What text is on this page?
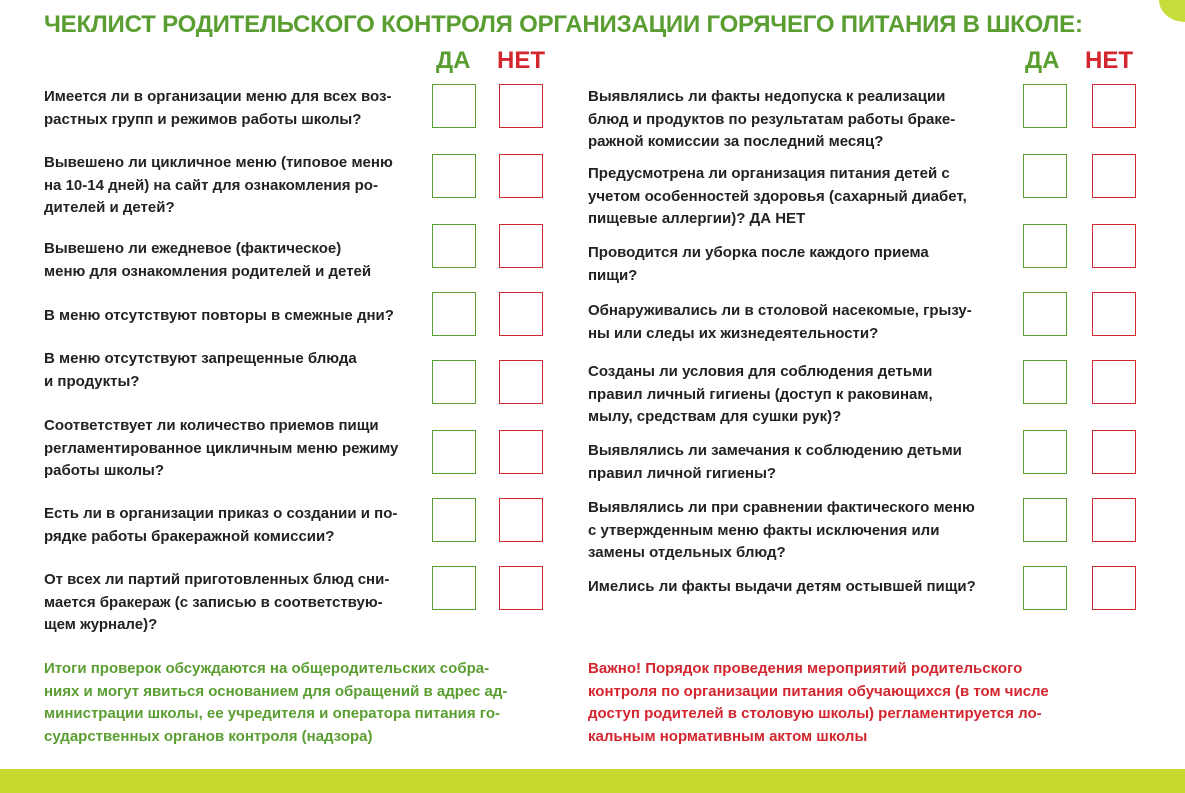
ЧЕКЛИСТ РОДИТЕЛЬСКОГО КОНТРОЛЯ ОРГАНИЗАЦИИ ГОРЯЧЕГО ПИТАНИЯ В ШКОЛЕ:
ДА НЕТ	ДА НЕТ
Имеется ли в организации меню для всех воз-
растных групп и режимов работы школы?
Вывешено ли цикличное меню (типовое меню
на 10-14 дней) на сайт для ознакомления ро-
дителей и детей?
Вывешено ли ежедневое (фактическое)
меню для ознакомления родителей и детей
В меню отсутствуют повторы в смежные дни?
В меню отсутствуют запрещенные блюда
и продукты?
Соответствует ли количество приемов пищи
регламентированное цикличным меню режиму
работы школы?
Есть ли в организации приказ о создании и по-
рядке работы бракеражной комиссии?
От всех ли партий приготовленных блюд сни-
мается бракераж (с записью в соответствую-
щем журнале)?
Выявлялись ли факты недопуска к реализации
блюд и продуктов по результатам работы браке-
ражной комиссии за последний месяц?
Предусмотрена ли организация питания детей с
учетом особенностей здоровья (сахарный диабет,
пищевые аллергии)? ДА НЕТ
Проводится ли уборка после каждого приема
пищи?
Обнаруживались ли в столовой насекомые, грызу-
ны или следы их жизнедеятельности?
Созданы ли условия для соблюдения детьми
правил личный гигиены (доступ к раковинам,
мылу, средствам для сушки рук)?
Выявлялись ли замечания к соблюдению детьми
правил личной гигиены?
Выявлялись ли при сравнении фактического меню
с утвержденным меню факты исключения или
замены отдельных блюд?
Имелись ли факты выдачи детям остывшей пищи?
Итоги проверок обсуждаются на общеродительских собра-
ниях и могут явиться основанием для обращений в адрес ад-
министрации школы, ее учредителя и оператора питания го-
сударственных органов контроля (надзора)
Важно! Порядок проведения мероприятий родительского
контроля по организации питания обучающихся (в том числе
доступ родителей в столовую школы) регламентируется ло-
кальным нормативным актом школы
